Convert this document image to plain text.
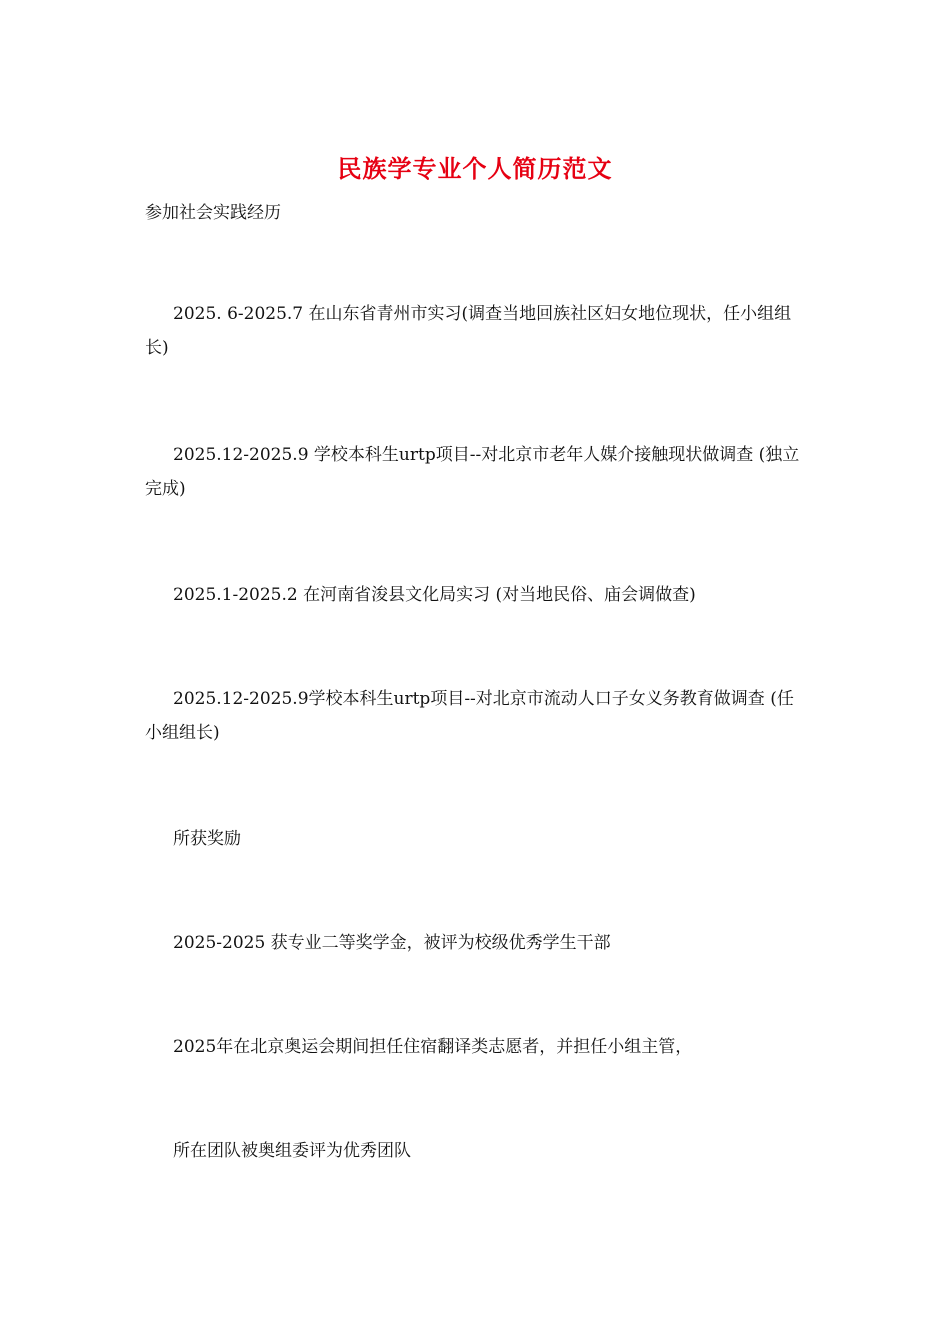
民族学专业个人简历范文

参加社会实践经历

2025. 6-2025.7 在山东省青州市实习(调查当地回族社区妇女地位现状，任小组组长)

2025.12-2025.9 学校本科生urtp项目--对北京市老年人媒介接触现状做调查 (独立完成)

2025.1-2025.2 在河南省浚县文化局实习 (对当地民俗、庙会调做查)

2025.12-2025.9学校本科生urtp项目--对北京市流动人口子女义务教育做调查 (任小组组长)

所获奖励

2025-2025 获专业二等奖学金，被评为校级优秀学生干部

2025年在北京奥运会期间担任住宿翻译类志愿者，并担任小组主管，

所在团队被奥组委评为优秀团队
